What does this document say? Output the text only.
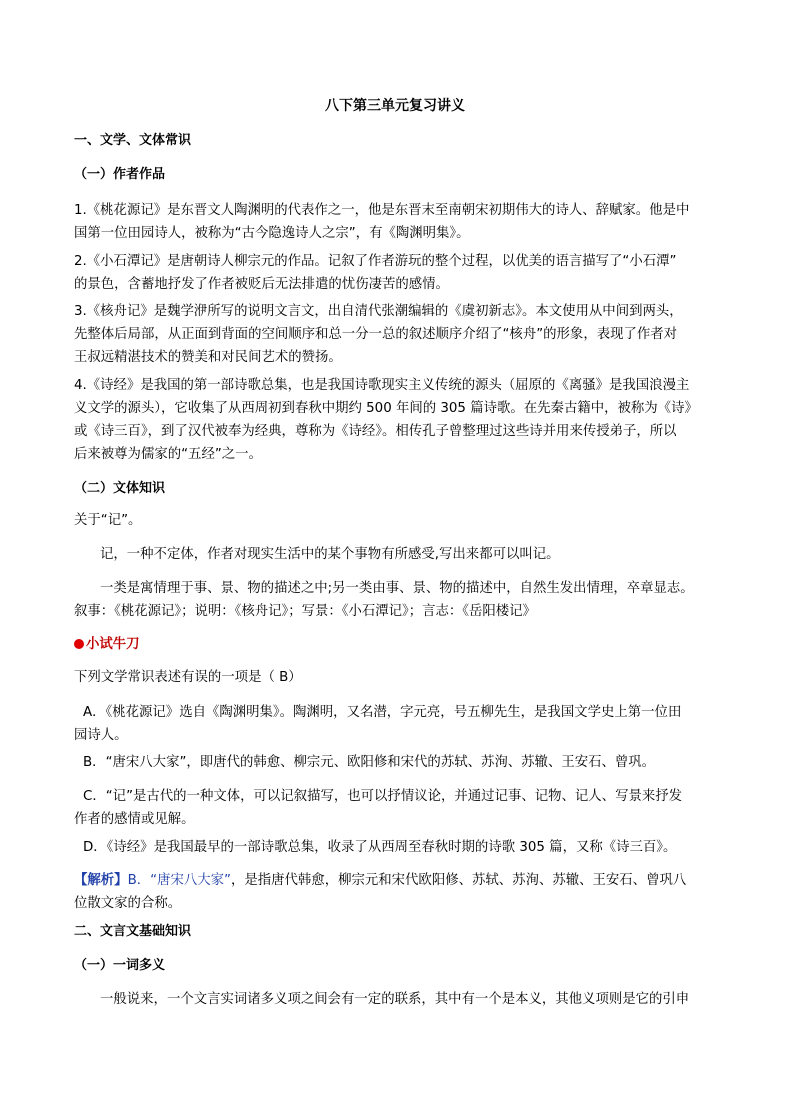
八下第三单元复习讲义
一、文学、文体常识
（一）作者作品
1.《桃花源记》是东晋文人陶渊明的代表作之一，他是东晋末至南朝宋初期伟大的诗人、辞赋家。他是中
国第一位田园诗人，被称为“古今隐逸诗人之宗”，有《陶渊明集》。
2.《小石潭记》是唐朝诗人柳宗元的作品。记叙了作者游玩的整个过程，以优美的语言描写了“小石潭”
的景色，含蓄地抒发了作者被贬后无法排遣的忧伤凄苦的感情。
3.《核舟记》是魏学洢所写的说明文言文，出自清代张潮编辑的《虞初新志》。本文使用从中间到两头，
先整体后局部，从正面到背面的空间顺序和总一分一总的叙述顺序介绍了“核舟”的形象，表现了作者对
王叔远精湛技术的赞美和对民间艺术的赞扬。
4.《诗经》是我国的第一部诗歌总集，也是我国诗歌现实主义传统的源头（屈原的《离骚》是我国浪漫主
义文学的源头），它收集了从西周初到春秋中期约 500 年间的 305 篇诗歌。在先秦古籍中，被称为《诗》
或《诗三百》，到了汉代被奉为经典，尊称为《诗经》。相传孔子曾整理过这些诗并用来传授弟子，所以
后来被尊为儒家的“五经”之一。
（二）文体知识
关于“记”。
记，一种不定体，作者对现实生活中的某个事物有所感受,写出来都可以叫记。
一类是寓情理于事、景、物的描述之中;另一类由事、景、物的描述中，自然生发出情理，卒章显志。
叙事：《桃花源记》；说明：《核舟记》；写景：《小石潭记》；言志：《岳阳楼记》
小试牛刀
下列文学常识表述有误的一项是（ B）
A．《桃花源记》选自《陶渊明集》。陶渊明，又名潜，字元亮，号五柳先生，是我国文学史上第一位田
园诗人。
B．“唐宋八大家”，即唐代的韩愈、柳宗元、欧阳修和宋代的苏轼、苏洵、苏辙、王安石、曾巩。
C．“记”是古代的一种文体，可以记叙描写，也可以抒情议论，并通过记事、记物、记人、写景来抒发
作者的感情或见解。
D．《诗经》是我国最早的一部诗歌总集，收录了从西周至春秋时期的诗歌 305 篇，又称《诗三百》。
【解析】B．“唐宋八大家”，是指唐代韩愈，柳宗元和宋代欧阳修、苏轼、苏洵、苏辙、王安石、曾巩八
位散文家的合称。
二、文言文基础知识
（一）一词多义
一般说来，一个文言实词诸多义项之间会有一定的联系，其中有一个是本义，其他义项则是它的引申
